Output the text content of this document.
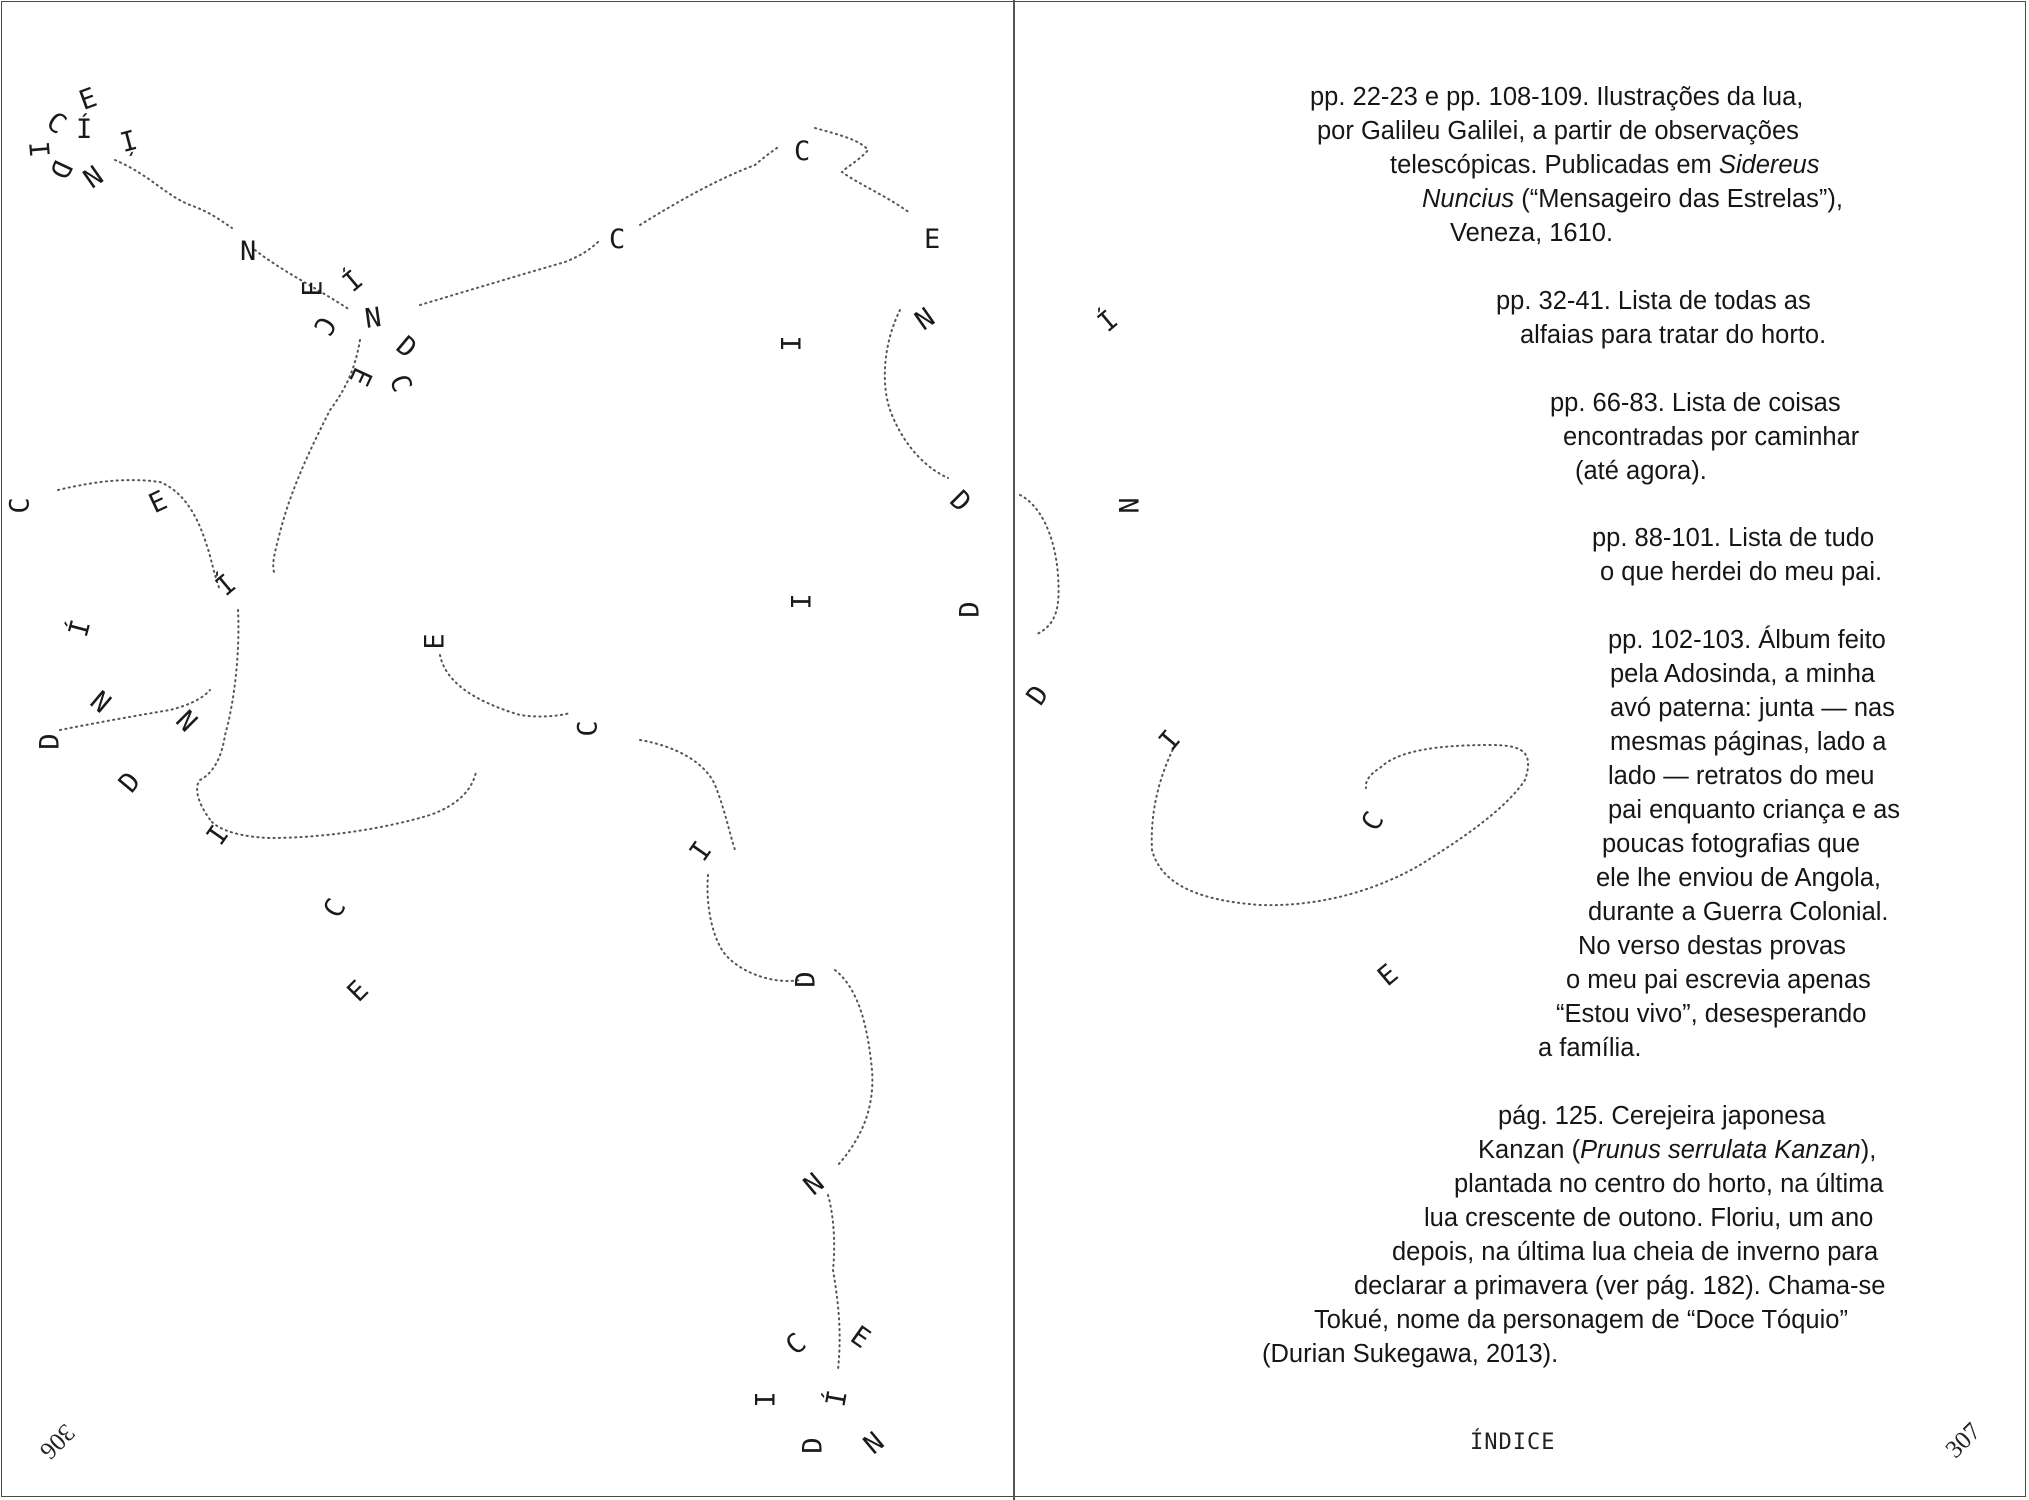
E
Í
C
I
D
N
Í
N
Í
N
D
C
E
C
E
C
E
C
N
I
D
I	D
C	E
Í
Í
N
N
D
D
I
C
E
E
C
I
D
N
E
C
I
D N
Í
Í
N
D
I
C
E
306	307
ÍNDICE
pp. 22-23 e pp. 108-109. Ilustrações da lua,
por Galileu Galilei, a partir de observações
telescópicas. Publicadas em Sidereus
Nuncius (“Mensageiro das Estrelas”),
Veneza, 1610.
pp. 32-41. Lista de todas as
alfaias para tratar do horto.
pp. 66-83. Lista de coisas
encontradas por caminhar
(até agora).
pp. 88-101. Lista de tudo
o que herdei do meu pai.
pp. 102-103. Álbum feito
pela Adosinda, a minha
avó paterna: junta — nas
mesmas páginas, lado a
lado — retratos do meu
pai enquanto criança e as
poucas fotografias que
ele lhe enviou de Angola,
durante a Guerra Colonial.
No verso destas provas
o meu pai escrevia apenas
“Estou vivo”, desesperando
a família.
pág. 125. Cerejeira japonesa
Kanzan (Prunus serrulata Kanzan),
plantada no centro do horto, na última
lua crescente de outono. Floriu, um ano
depois, na última lua cheia de inverno para
declarar a primavera (ver pág. 182). Chama-se
Tokué, nome da personagem de “Doce Tóquio”
(Durian Sukegawa, 2013).
